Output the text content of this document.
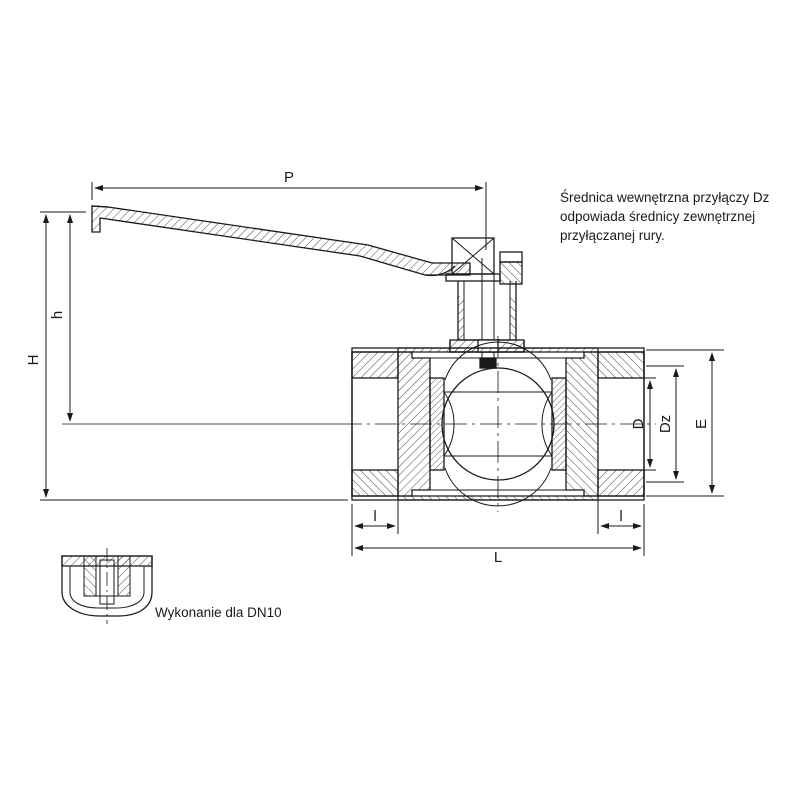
P
H
h
L
l	l
D Dz E
Średnica wewnętrzna przyłączy Dz odpowiada średnicy zewnętrznej przyłączanej rury.
Wykonanie dla DN10
